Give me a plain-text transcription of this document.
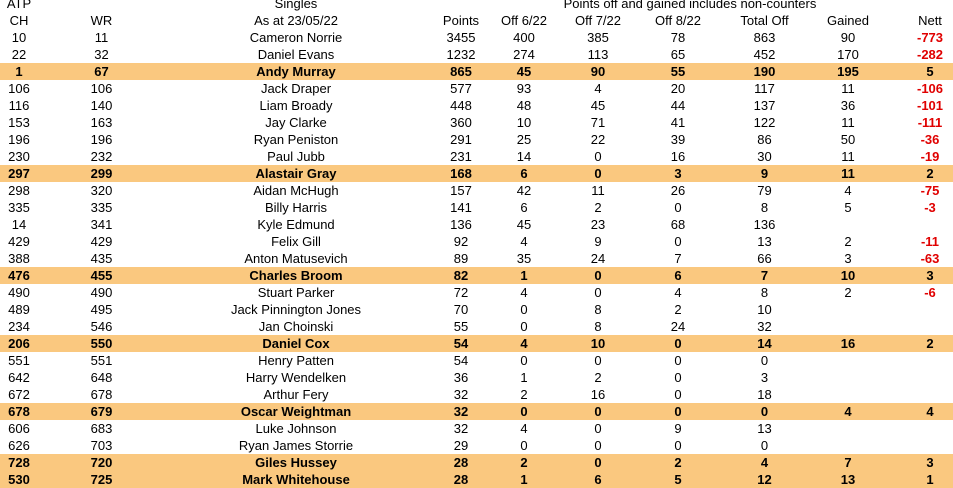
ATP	Singles	Points off and gained includes non-counters
CH	WR	As at 23/05/22	Points	Off 6/22	Off 7/22	Off 8/22	Total Off	Gained	Nett
10	11	Cameron Norrie	3455	400	385	78	863	90	-773
22	32	Daniel Evans	1232	274	113	65	452	170	-282
1	67	Andy Murray	865	45	90	55	190	195	5
106	106	Jack Draper	577	93	4	20	117	11	-106
116	140	Liam Broady	448	48	45	44	137	36	-101
153	163	Jay Clarke	360	10	71	41	122	11	-111
196	196	Ryan Peniston	291	25	22	39	86	50	-36
230	232	Paul Jubb	231	14	0	16	30	11	-19
297	299	Alastair Gray	168	6	0	3	9	11	2
298	320	Aidan McHugh	157	42	11	26	79	4	-75
335	335	Billy Harris	141	6	2	0	8	5	-3
14	341	Kyle Edmund	136	45	23	68	136
429	429	Felix Gill	92	4	9	0	13	2	-11
388	435	Anton Matusevich	89	35	24	7	66	3	-63
476	455	Charles Broom	82	1	0	6	7	10	3
490	490	Stuart Parker	72	4	0	4	8	2	-6
489	495	Jack Pinnington Jones	70	0	8	2	10
234	546	Jan Choinski	55	0	8	24	32
206	550	Daniel Cox	54	4	10	0	14	16	2
551	551	Henry Patten	54	0	0	0	0
642	648	Harry Wendelken	36	1	2	0	3
672	678	Arthur Fery	32	2	16	0	18
678	679	Oscar Weightman	32	0	0	0	0	4	4
606	683	Luke Johnson	32	4	0	9	13
626	703	Ryan James Storrie	29	0	0	0	0
728	720	Giles Hussey	28	2	0	2	4	7	3
530	725	Mark Whitehouse	28	1	6	5	12	13	1
